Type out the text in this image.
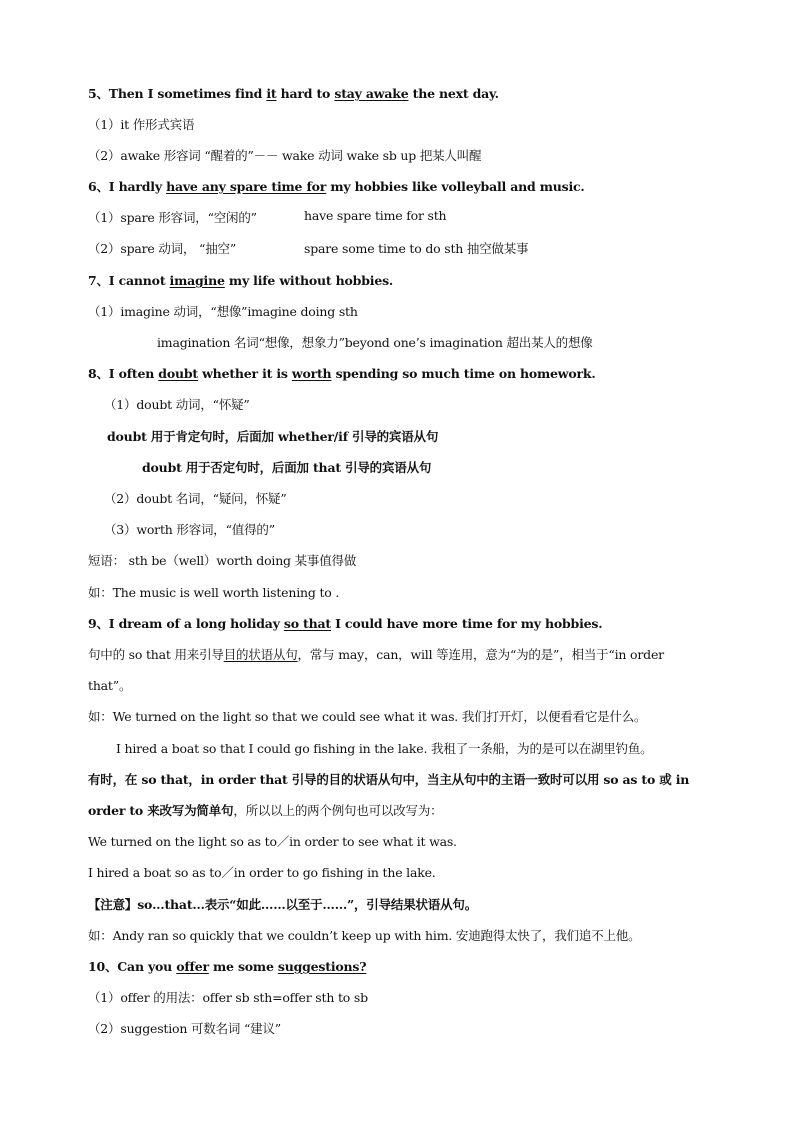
5、Then I sometimes find it hard to stay awake the next day.
（1）it 作形式宾语
（2）awake 形容词 “醒着的”－－ wake 动词 wake sb up 把某人叫醒
6、I hardly have any spare time for my hobbies like volleyball and music.
（1）spare 形容词，“空闲的”	have spare time for sth
（2）spare 动词， “抽空”	spare some time to do sth 抽空做某事
7、I cannot imagine my life without hobbies.
（1）imagine 动词，“想像”imagine doing sth
imagination 名词“想像，想象力”beyond one’s imagination 超出某人的想像
8、I often doubt whether it is worth spending so much time on homework.
（1）doubt 动词，“怀疑”
doubt 用于肯定句时，后面加 whether/if 引导的宾语从句
doubt 用于否定句时，后面加 that 引导的宾语从句
（2）doubt 名词，“疑问，怀疑”
（3）worth 形容词，“值得的”
短语： sth be（well）worth doing 某事值得做
如：The music is well worth listening to .
9、I dream of a long holiday so that I could have more time for my hobbies.
句中的 so that 用来引导目的状语从句，常与 may，can，will 等连用，意为“为的是”，相当于“in order
that”。
如：We turned on the light so that we could see what it was. 我们打开灯，以便看看它是什么。
I hired a boat so that I could go fishing in the lake. 我租了一条船，为的是可以在湖里钓鱼。
有时，在 so that，in order that 引导的目的状语从句中，当主从句中的主语一致时可以用 so as to 或 in
order to 来改写为简单句，所以以上的两个例句也可以改写为：
We turned on the light so as to／in order to see what it was.
I hired a boat so as to／in order to go fishing in the lake.
【注意】so…that…表示“如此……以至于……”，引导结果状语从句。
如：Andy ran so quickly that we couldn’t keep up with him. 安迪跑得太快了，我们追不上他。
10、Can you offer me some suggestions?
（1）offer 的用法：offer sb sth=offer sth to sb
（2）suggestion 可数名词 “建议”
